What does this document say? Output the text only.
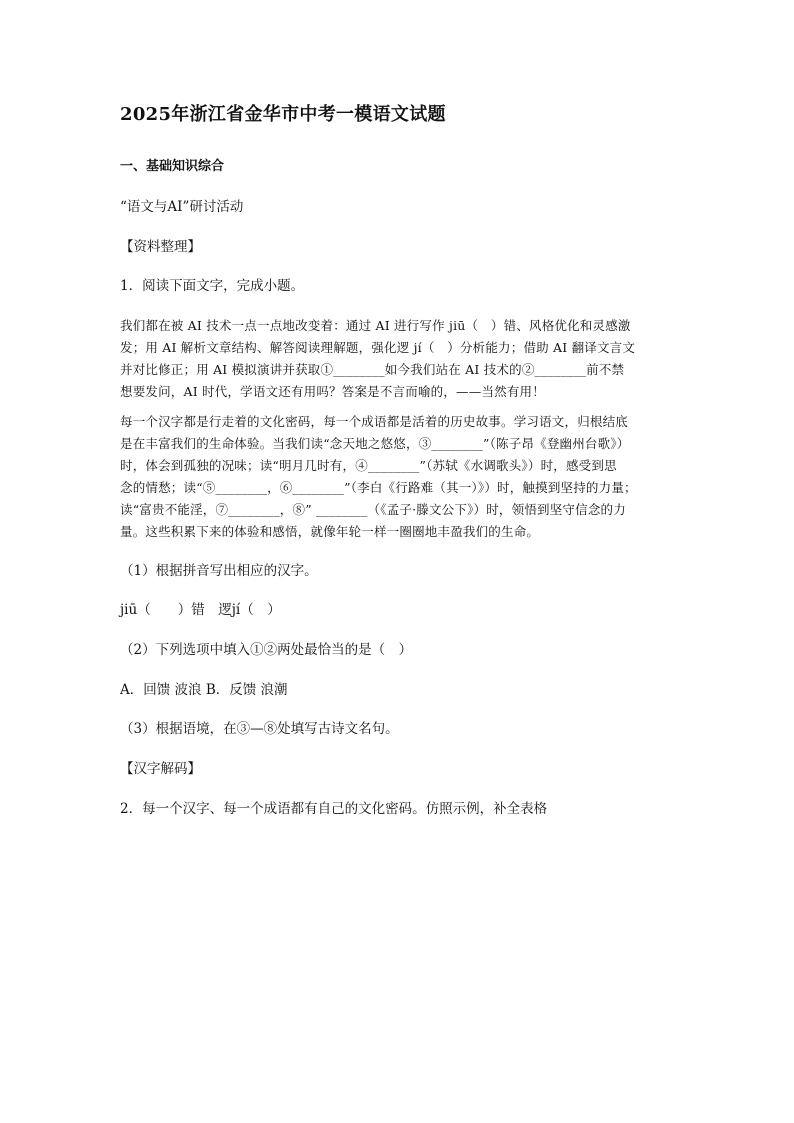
2025年浙江省金华市中考一模语文试题
一、基础知识综合
“语文与AI”研讨活动
【资料整理】
1．阅读下面文字，完成小题。
我们都在被 AI 技术一点一点地改变着：通过 AI 进行写作 jiū（　）错、风格优化和灵感激
发；用 AI 解析文章结构、解答阅读理解题，强化逻 jí（　）分析能力；借助 AI 翻译文言文
并对比修正；用 AI 模拟演讲并获取①________如今我们站在 AI 技术的②________前不禁
想要发问，AI 时代，学语文还有用吗？答案是不言而喻的，——当然有用！
每一个汉字都是行走着的文化密码，每一个成语都是活着的历史故事。学习语文，归根结底
是在丰富我们的生命体验。当我们读“念天地之悠悠，③________”（陈子昂《登幽州台歌》）
时，体会到孤独的况味；读“明月几时有，④________”（苏轼《水调歌头》）时，感受到思
念的情愁；读“⑤________，⑥________”（李白《行路难（其一）》）时，触摸到坚持的力量；
读“富贵不能淫，⑦________，⑧” ________（《孟子·滕文公下》）时，领悟到坚守信念的力
量。这些积累下来的体验和感悟，就像年轮一样一圈圈地丰盈我们的生命。
（1）根据拼音写出相应的汉字。
jiū（　　）错　逻jí（　）
（2）下列选项中填入①②两处最恰当的是（　）
A．回馈 波浪 B．反馈 浪潮
（3）根据语境，在③—⑧处填写古诗文名句。
【汉字解码】
2．每一个汉字、每一个成语都有自己的文化密码。仿照示例，补全表格
